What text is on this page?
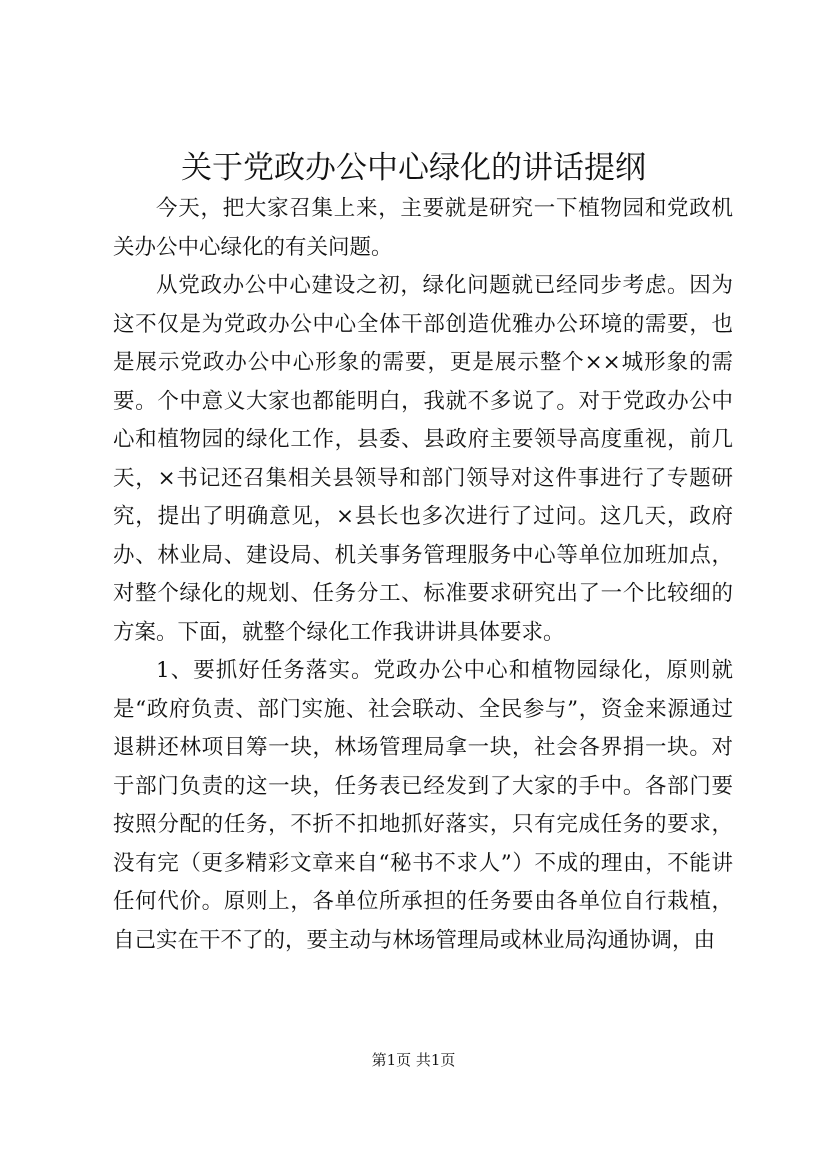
关于党政办公中心绿化的讲话提纲

今天，把大家召集上来，主要就是研究一下植物园和党政机关办公中心绿化的有关问题。

从党政办公中心建设之初，绿化问题就已经同步考虑。因为这不仅是为党政办公中心全体干部创造优雅办公环境的需要，也是展示党政办公中心形象的需要，更是展示整个××城形象的需要。个中意义大家也都能明白，我就不多说了。对于党政办公中心和植物园的绿化工作，县委、县政府主要领导高度重视，前几天，×书记还召集相关县领导和部门领导对这件事进行了专题研究，提出了明确意见，×县长也多次进行了过问。这几天，政府办、林业局、建设局、机关事务管理服务中心等单位加班加点，对整个绿化的规划、任务分工、标准要求研究出了一个比较细的方案。下面，就整个绿化工作我讲讲具体要求。

1、要抓好任务落实。党政办公中心和植物园绿化，原则就是“政府负责、部门实施、社会联动、全民参与”，资金来源通过退耕还林项目筹一块，林场管理局拿一块，社会各界捐一块。对于部门负责的这一块，任务表已经发到了大家的手中。各部门要按照分配的任务，不折不扣地抓好落实，只有完成任务的要求，没有完（更多精彩文章来自“秘书不求人”）不成的理由，不能讲任何代价。原则上，各单位所承担的任务要由各单位自行栽植，自己实在干不了的，要主动与林场管理局或林业局沟通协调，由

第1页 共1页
